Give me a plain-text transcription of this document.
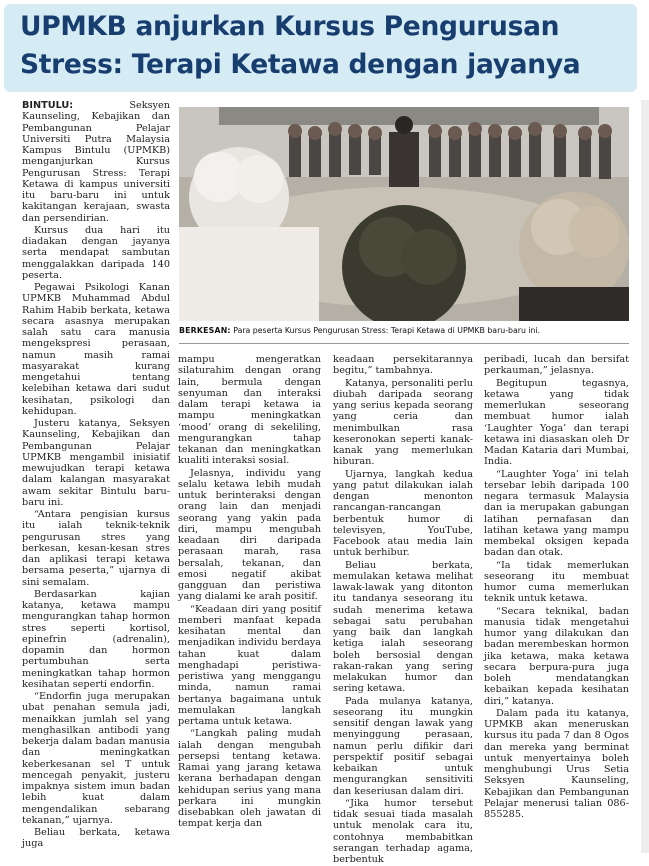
UPMKB anjurkan Kursus Pengurusan
Stress: Terapi Ketawa dengan jayanya

BINTULU: Seksyen Kaunseling, Kebajikan dan Pembangunan Pelajar Universiti Putra Malaysia Kampus Bintulu (UPMKB) menganjurkan Kursus Pengurusan Stress: Terapi Ketawa di kampus universiti itu baru-baru ini untuk kakitangan kerajaan, swasta dan persendirian.

Kursus dua hari itu diadakan dengan jayanya serta mendapat sambutan menggalakkan daripada 140 peserta.

Pegawai Psikologi Kanan UPMKB Muhammad Abdul Rahim Habib berkata, ketawa secara asasnya merupakan salah satu cara manusia mengekspresi perasaan, namun masih ramai masyarakat kurang mengetahui tentang kelebihan ketawa dari sudut kesihatan, psikologi dan kehidupan.

Justeru katanya, Seksyen Kaunseling, Kebajikan dan Pembangunan Pelajar UPMKB mengambil inisiatif mewujudkan terapi ketawa dalam kalangan masyarakat awam sekitar Bintulu baru-baru ini.

“Antara pengisian kursus itu ialah teknik-teknik pengurusan stres yang berkesan, kesan-kesan stres dan aplikasi terapi ketawa bersama peserta,” ujarnya di sini semalam.

Berdasarkan kajian katanya, ketawa mampu mengurangkan tahap hormon stres seperti kortisol, epinefrin (adrenalin), dopamin dan hormon pertumbuhan serta meningkatkan tahap hormon kesihatan seperti endorfin.

“Endorfin juga merupakan ubat penahan semula jadi, menaikkan jumlah sel yang menghasilkan antibodi yang bekerja dalam badan manusia dan meningkatkan keberkesanan sel T untuk mencegah penyakit, justeru impaknya sistem imun badan lebih kuat dalam mengendalikan sebarang tekanan,” ujarnya.

Beliau berkata, ketawa juga

BERKESAN: Para peserta Kursus Pengurusan Stress: Terapi Ketawa di UPMKB baru-baru ini.

mampu mengeratkan silaturahim dengan orang lain, bermula dengan senyuman dan interaksi dalam terapi ketawa ia mampu meningkatkan ‘mood’ orang di sekeliling, mengurangkan tahap tekanan dan meningkatkan kualiti interaksi sosial.

Jelasnya, individu yang selalu ketawa lebih mudah untuk berinteraksi dengan orang lain dan menjadi seorang yang yakin pada diri, mampu mengubah keadaan diri daripada perasaan marah, rasa bersalah, tekanan, dan emosi negatif akibat gangguan dan peristiwa yang dialami ke arah positif.

“Keadaan diri yang positif memberi manfaat kepada kesihatan mental dan menjadikan individu berdaya tahan kuat dalam menghadapi peristiwa-peristiwa yang menggangu minda, namun ramai bertanya bagaimana untuk memulakan langkah pertama untuk ketawa.

“Langkah paling mudah ialah dengan mengubah persepsi tentang ketawa. Ramai yang jarang ketawa kerana berhadapan dengan kehidupan serius yang mana perkara ini mungkin disebabkan oleh jawatan di tempat kerja dan

keadaan persekitarannya begitu,” tambahnya.

Katanya, personaliti perlu diubah daripada seorang yang serius kepada seorang yang ceria dan menimbulkan rasa keseronokan seperti kanak-kanak yang memerlukan hiburan.

Ujarnya, langkah kedua yang patut dilakukan ialah dengan menonton rancangan-rancangan berbentuk humor di televisyen, YouTube, Facebook atau media lain untuk berhibur.

Beliau berkata, memulakan ketawa melihat lawak-lawak yang ditonton itu tandanya seseorang itu sudah menerima ketawa sebagai satu perubahan yang baik dan langkah ketiga ialah seseorang boleh bersosial dengan rakan-rakan yang sering melakukan humor dan sering ketawa.

Pada mulanya katanya, seseorang itu mungkin sensitif dengan lawak yang menyinggung perasaan, namun perlu difikir dari perspektif positif sebagai kebaikan untuk mengurangkan sensitiviti dan keseriusan dalam diri.

“Jika humor tersebut tidak sesuai tiada masalah untuk menolak cara itu, contohnya membabitkan serangan terhadap agama, berbentuk

peribadi, lucah dan bersifat perkauman,” jelasnya.

Begitupun tegasnya, ketawa yang tidak memerlukan seseorang membuat humor ialah ‘Laughter Yoga’ dan terapi ketawa ini diasaskan oleh Dr Madan Kataria dari Mumbai, India.

“Laughter Yoga’ ini telah tersebar lebih daripada 100 negara termasuk Malaysia dan ia merupakan gabungan latihan pernafasan dan latihan ketawa yang mampu membekal oksigen kepada badan dan otak.

“Ia tidak memerlukan seseorang itu membuat humor cuma memerlukan teknik untuk ketawa.

“Secara teknikal, badan manusia tidak mengetahui humor yang dilakukan dan badan merembeskan hormon jika ketawa, maka ketawa secara berpura-pura juga boleh mendatangkan kebaikan kepada kesihatan diri,” katanya.

Dalam pada itu katanya, UPMKB akan meneruskan kursus itu pada 7 dan 8 Ogos dan mereka yang berminat untuk menyertainya boleh menghubungi Urus Setia Seksyen Kaunseling, Kebajikan dan Pembangunan Pelajar menerusi talian 086-855285.
